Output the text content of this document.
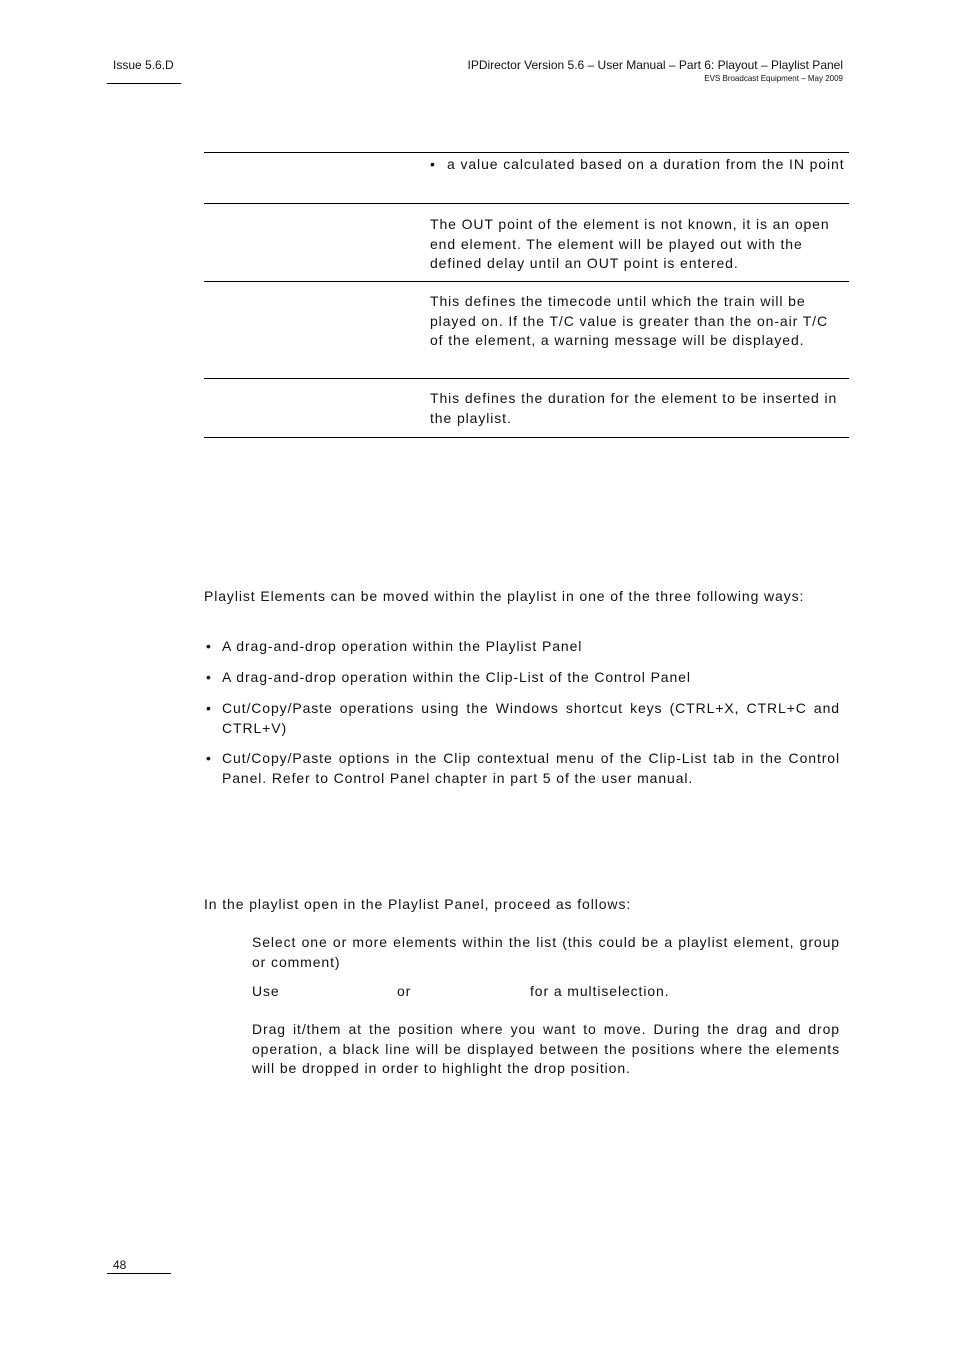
Issue 5.6.D	IPDirector Version 5.6 – User Manual – Part 6: Playout – Playlist Panel
EVS Broadcast Equipment – May 2009
• a value calculated based on a duration from the IN point
The OUT point of the element is not known, it is an open end element. The element will be played out with the defined delay until an OUT point is entered.
This defines the timecode until which the train will be played on. If the T/C value is greater than the on-air T/C of the element, a warning message will be displayed.
This defines the duration for the element to be inserted in the playlist.
Playlist Elements can be moved within the playlist in one of the three following ways:
• A drag-and-drop operation within the Playlist Panel
• A drag-and-drop operation within the Clip-List of the Control Panel
• Cut/Copy/Paste operations using the Windows shortcut keys (CTRL+X, CTRL+C and CTRL+V)
• Cut/Copy/Paste options in the Clip contextual menu of the Clip-List tab in the Control Panel. Refer to Control Panel chapter in part 5 of the user manual.
In the playlist open in the Playlist Panel, proceed as follows:
Select one or more elements within the list (this could be a playlist element, group or comment)
Use	or	for a multiselection.
Drag it/them at the position where you want to move. During the drag and drop operation, a black line will be displayed between the positions where the elements will be dropped in order to highlight the drop position.
48
